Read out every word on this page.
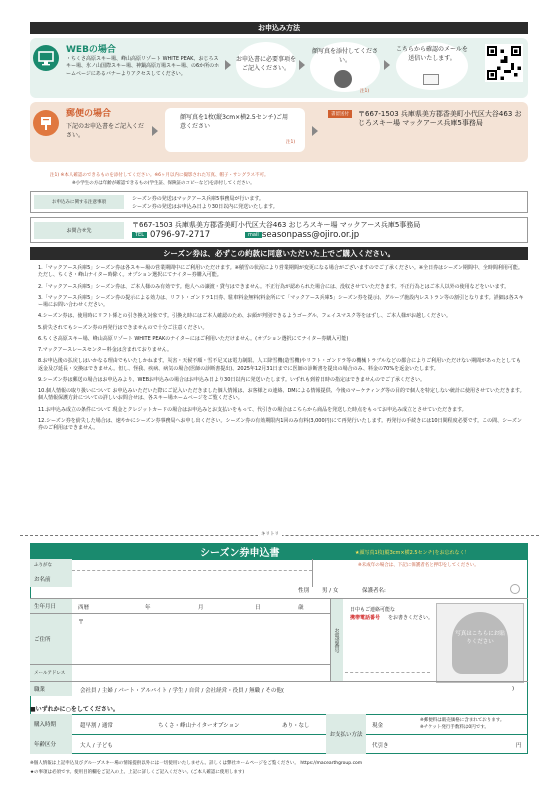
お申込み方法
WEBの場合
・ちくさ高原スキー場、峰山高原リゾート WHITE PEAK、おじろスキー場、氷ノ山国際スキー場、神鍋高原万場スキー場、の6か所のホームページにあるバナーよりアクセスしてください。
お申込書に必要事項をご記入ください。
顔写真を添付してください。
注1)
こちらから確認のメールを送信いたします。
郵便の場合
下記のお申込書をご記入ください。
顔写真を1枚(縦3cm×横2.5センチ)ご用意ください
注1)
書留送付	〒667-1503 兵庫県美方郡香美町小代区大谷463 おじろスキー場 マックアース兵庫5事務局
注1) ※本人確認のできるものを添付してください。※6ヶ月以内に撮影された写真、帽子・サングラス不可。
※小学生の方は年齢が確認できるもの(学生証、保険証のコピーなど)を添付してください。
お申込みに関する注意事項
シーズン券の発送はマックアース兵庫5事務局が行います。
シーズン券の発送はお申込み日より30日以内に発送いたします。
お問合せ先
〒667-1503 兵庫県美方郡香美町小代区大谷463 おじろスキー場 マックアース兵庫5事務局
TEL 0796-97-2717	mail seasonpass@ojiro.or.jp
シーズン券は、必ずこの約款に同意いただいた上でご購入ください。

1.「マックアース兵庫5」シーズン券は各スキー場の営業期間中にご利用いただけます。※積雪の状況により営業期間が変更になる場合がございますのでご了承ください。※全日券はシーズン期間中、全時間利用可能。ただし、ちくさ・峰山ナイター時除く。オプション選択にてナイター券購入可能。

2.「マックアース兵庫5」シーズン券は、ご本人様のみ有効です。他人への譲渡・貸与はできません。不正行為が認められた場合には、没収させていただきます。不正行為とはご本人以外の使用などをいいます。

3.「マックアース兵庫5」シーズン券の提示による効力は、リフト・ゴンドラ1日券、駐車料金無料(料金所にて「マックアース兵庫5」シーズン券を提示)、グループ施設内レストラン等の割引となります。詳細は各スキー場にお問い合わせください。

4.シーズン券は、使用時にリフト係との引き換え対象です。引換え時にはご本人確認のため、お顔が判別できるようゴーグル、フェイスマスク等をはずし、ご本人様がお越しください。

5.紛失されてもシーズン券の再発行はできませんので十分ご注意ください。

6.ちくさ高原スキー場、峰山高原リゾート WHITE PEAKのナイターにはご利用いただけません。(オプション選択にてナイター券購入可能)

7.マックアースレースセンター料金は含まれておりません。

8.お申込後の払戻しはいかなる理由でもいたしかねます。災害・天候不順・雪不足又は電力制限、人工降雪機(造雪機)やリフト・ゴンドラ等の機械トラブルなどの都合によりご利用いただけない期間があったとしても返金及び延長・交換はできません。但し、怪我、疾病、病気の場合(医師の診断書提出)、2025年12月31日までに医師の診断書を提出の場合のみ、料金の70%を返金いたします。

9.シーズン券は郵送の場合はお申込みより、WEBお申込みの場合はお申込み日より30日以内に発送いたします。いずれも到着日時の指定はできませんのでご了承ください。

10.個人情報の取り扱いについて お申込みいただいた際にご記入いただきました個人情報は、お客様との連絡、DMによる情報提供、今後のマーケティング等の目的で個人を特定しない統計に使用させていただきます。個人情報保護方針についての詳しいお問合せは、各スキー場ホームページをご覧ください。

11.お申込み成立の条件について 現金とクレジットカードの場合はお申込みとお支払いをもって、代引きの場合はこちらから商品を発送した時点をもってお申込み成立とさせていただきます。

12.シーズン券を紛失した場合は、速やかにシーズン券事務局へお申し出ください。シーズン券の有効期限内1回のみ有料(3,000円)にて再発行いたします。再発行の手続きには10日間程度必要です。この間、シーズン券のご利用はできません。

キリトリ
シーズン券申込書	★顔写真1枚(縦3cm×横2.5センチ)をお忘れなく！
ふりがな
お名前
性別 男 / 女
※未成年の場合は、下記に保護者名と押印をしてください。
保護者名:
生年月日	西暦	年	月	日	歳
お電話番号
日中もご連絡可能な
携帯電話番号 をお書きください。
写真はこちらにお貼りください
ご住所
〒
メールアドレス
職業	会社員 / 主婦 / パート・アルバイト / 学生 / 自営 / 会社経営・役員 / 無職 / その他(	)
■いずれかに○をしてください。
購入時期	超早割 / 通常	ちくさ・峰山ナイターオプション	あり・なし
年齢区分	大人 / 子ども
お支払い方法
現金
代引き
※郵便料は販売価格に含まれております。
※チケット発行手数料は0円です。
円
※個人情報は上記申込及びグループスキー場の情報提供以外には一切使用いたしません。詳しくは弊社ホームページをご覧ください。 https://macearthgroup.com
★の事項は必須です。使用目的欄をご記入の上、上記に詳しくご記入ください。(ご本人確認に使用します)
